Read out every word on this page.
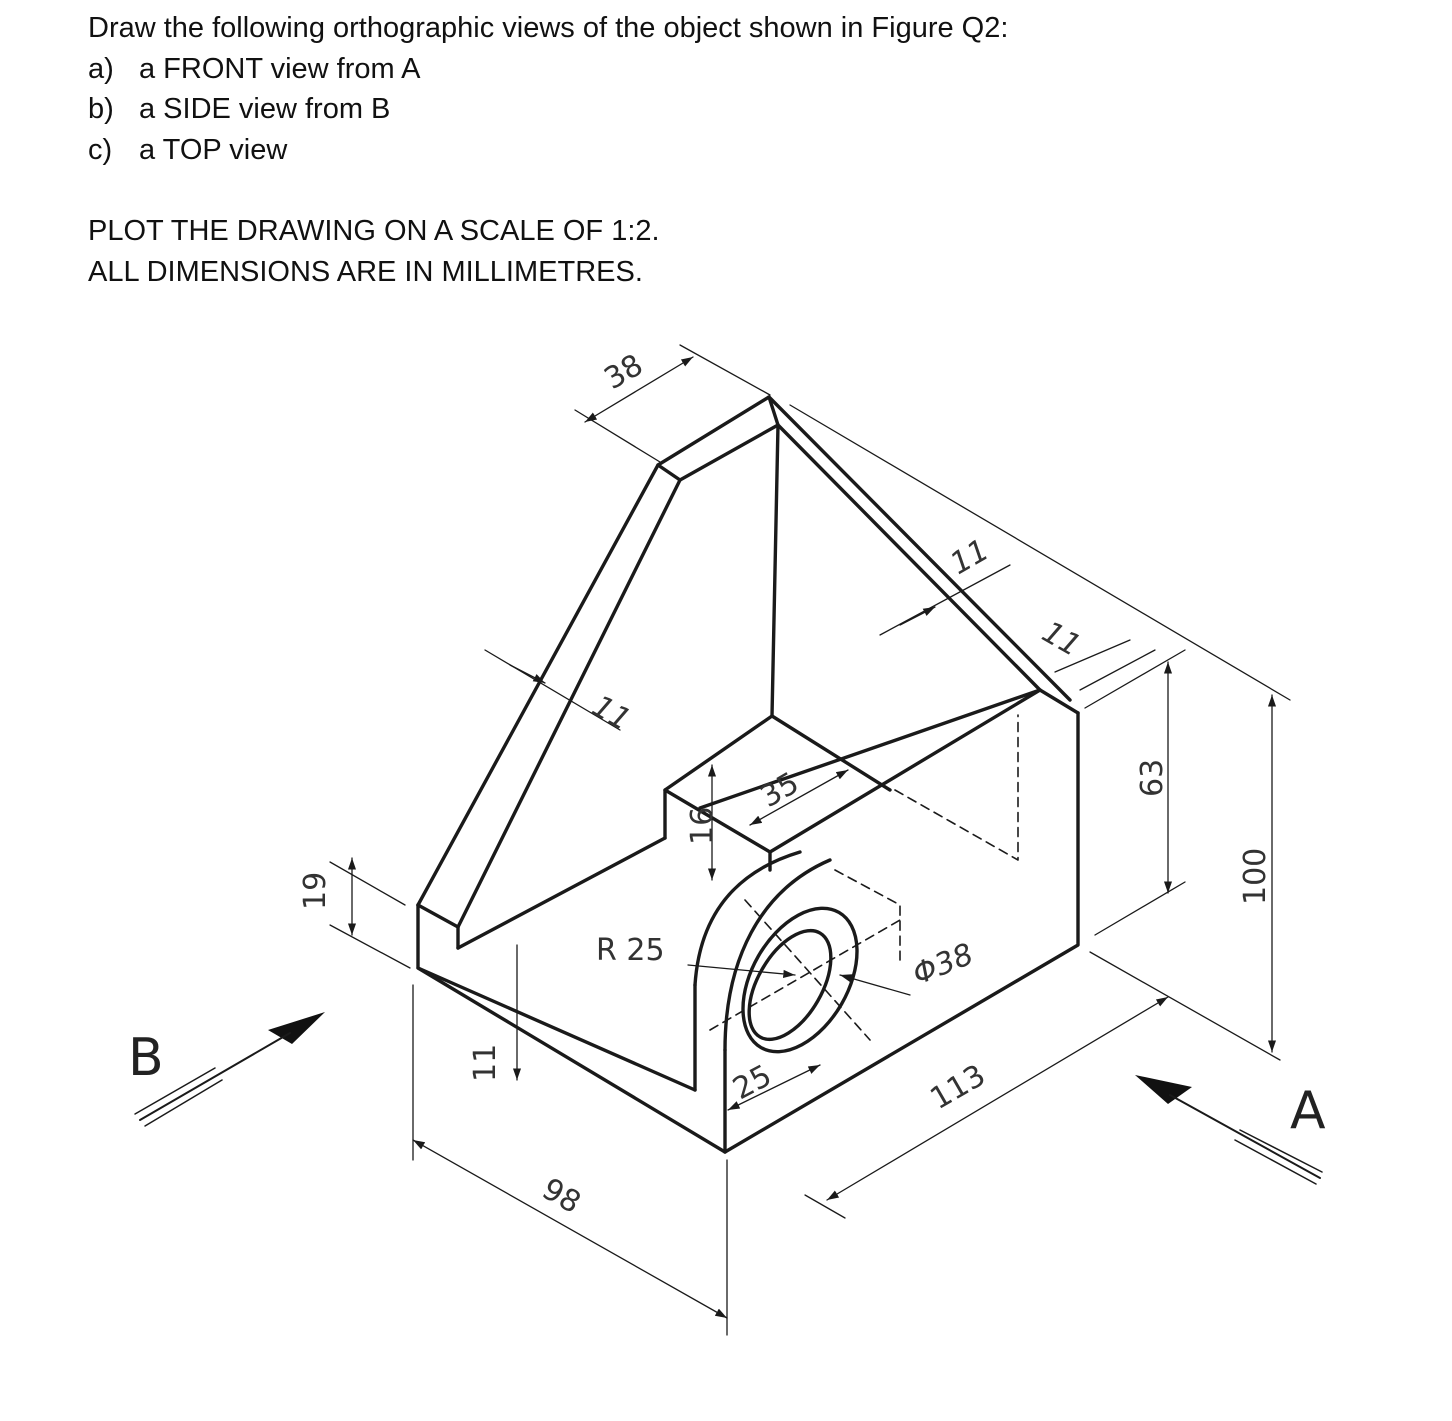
Draw the following orthographic views of the object shown in Figure Q2:
a) a FRONT view from A
b) a SIDE view from B
c) a TOP view
PLOT THE DRAWING ON A SCALE OF 1:2.
ALL DIMENSIONS ARE IN MILLIMETRES.
38
11
11
11
35
16
R 25	Φ38
11
19
25
98
113
63
100
B
A
